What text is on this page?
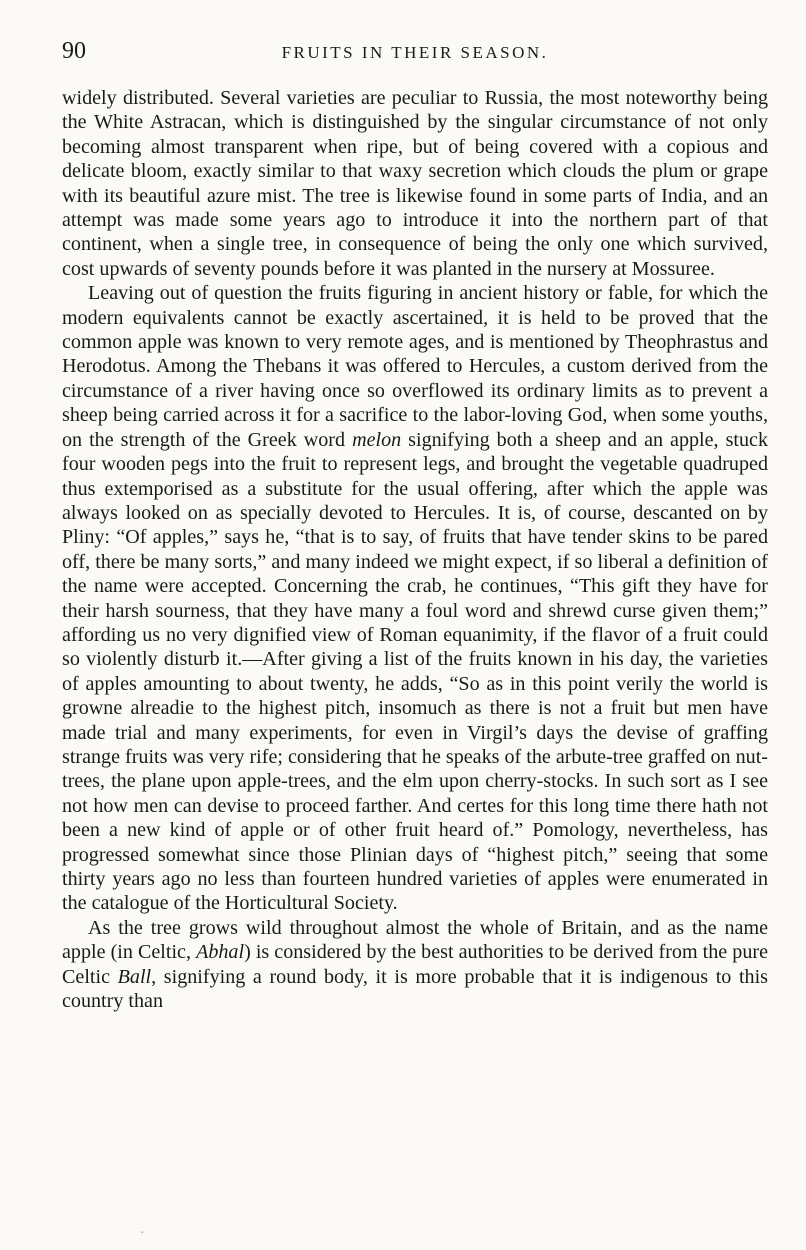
90	FRUITS IN THEIR SEASON.

widely distributed. Several varieties are peculiar to Russia, the most noteworthy being the White Astracan, which is distinguished by the singular circumstance of not only becoming almost transparent when ripe, but of being covered with a copious and delicate bloom, exactly similar to that waxy secretion which clouds the plum or grape with its beautiful azure mist. The tree is likewise found in some parts of India, and an attempt was made some years ago to introduce it into the northern part of that continent, when a single tree, in consequence of being the only one which survived, cost upwards of seventy pounds before it was planted in the nursery at Mossuree.

Leaving out of question the fruits figuring in ancient history or fable, for which the modern equivalents cannot be exactly ascertained, it is held to be proved that the common apple was known to very remote ages, and is mentioned by Theophrastus and Herodotus. Among the Thebans it was offered to Hercules, a custom derived from the circumstance of a river having once so overflowed its ordinary limits as to prevent a sheep being carried across it for a sacrifice to the labor-loving God, when some youths, on the strength of the Greek word melon signifying both a sheep and an apple, stuck four wooden pegs into the fruit to represent legs, and brought the vegetable quadruped thus extemporised as a substitute for the usual offering, after which the apple was always looked on as specially devoted to Hercules. It is, of course, descanted on by Pliny: “Of apples,” says he, “that is to say, of fruits that have tender skins to be pared off, there be many sorts,” and many indeed we might expect, if so liberal a definition of the name were accepted. Concerning the crab, he continues, “This gift they have for their harsh sourness, that they have many a foul word and shrewd curse given them;” affording us no very dignified view of Roman equanimity, if the flavor of a fruit could so violently disturb it.—After giving a list of the fruits known in his day, the varieties of apples amounting to about twenty, he adds, “So as in this point verily the world is growne alreadie to the highest pitch, insomuch as there is not a fruit but men have made trial and many experiments, for even in Virgil’s days the devise of graffing strange fruits was very rife; considering that he speaks of the arbute-tree graffed on nut-trees, the plane upon apple-trees, and the elm upon cherry-stocks. In such sort as I see not how men can devise to proceed farther. And certes for this long time there hath not been a new kind of apple or of other fruit heard of.” Pomology, nevertheless, has progressed somewhat since those Plinian days of “highest pitch,” seeing that some thirty years ago no less than fourteen hundred varieties of apples were enumerated in the catalogue of the Horticultural Society.

As the tree grows wild throughout almost the whole of Britain, and as the name apple (in Celtic, Abhal) is considered by the best authorities to be derived from the pure Celtic Ball, signifying a round body, it is more probable that it is indigenous to this country than

·
